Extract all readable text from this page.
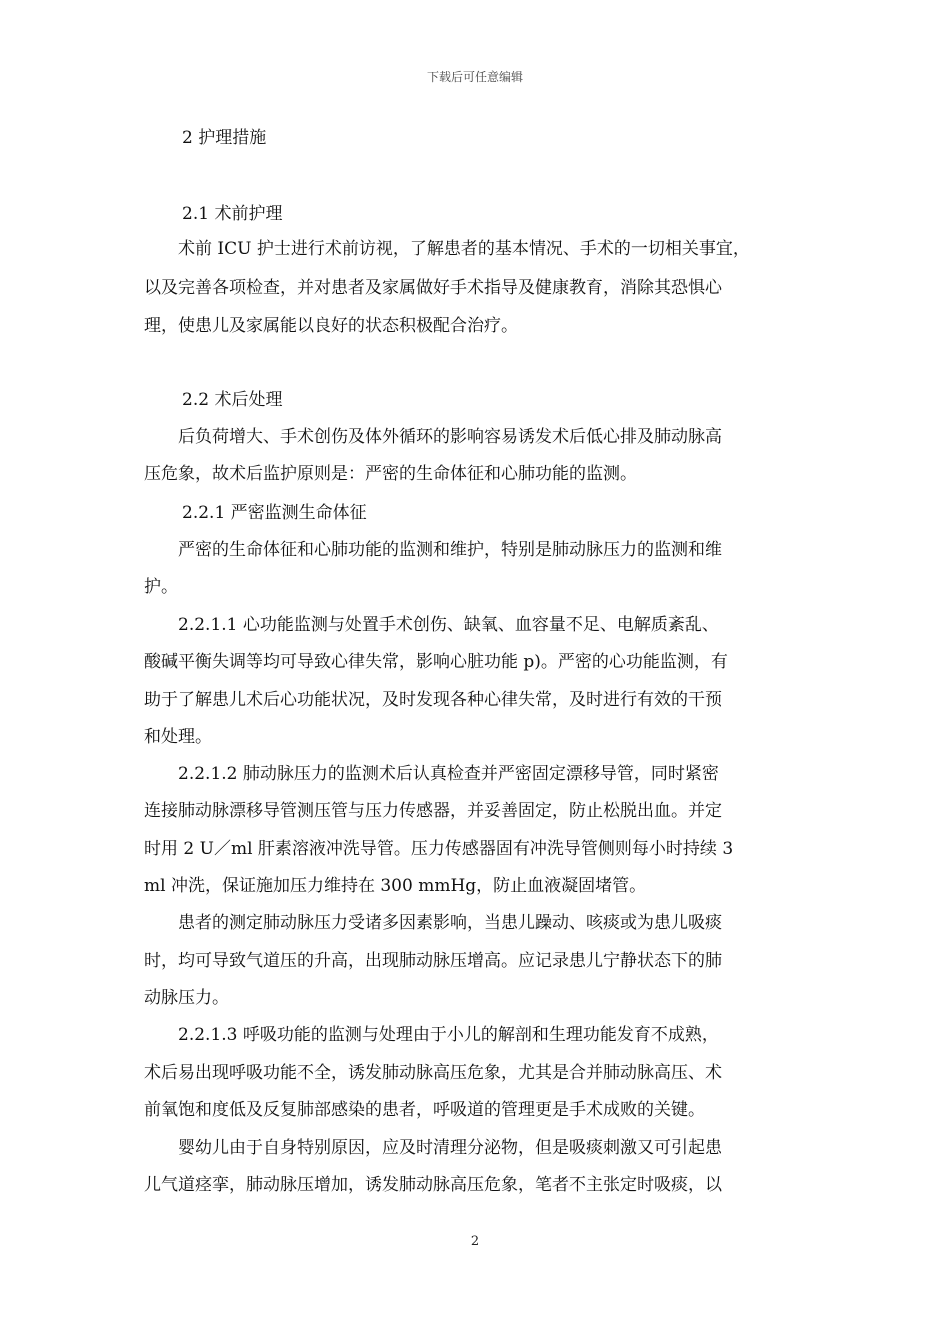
下载后可任意编辑
2 护理措施
2.1 术前护理
　　术前 ICU 护士进行术前访视，了解患者的基本情况、手术的一切相关事宜，
以及完善各项检查，并对患者及家属做好手术指导及健康教育，消除其恐惧心
理，使患儿及家属能以良好的状态积极配合治疗。
2.2 术后处理
　　后负荷增大、手术创伤及体外循环的影响容易诱发术后低心排及肺动脉高
压危象，故术后监护原则是：严密的生命体征和心肺功能的监测。
2.2.1 严密监测生命体征
　　严密的生命体征和心肺功能的监测和维护，特别是肺动脉压力的监测和维
护。
　　2.2.1.1 心功能监测与处置手术创伤、缺氧、血容量不足、电解质紊乱、
酸碱平衡失调等均可导致心律失常，影响心脏功能 p)。严密的心功能监测，有
助于了解患儿术后心功能状况，及时发现各种心律失常，及时进行有效的干预
和处理。
　　2.2.1.2 肺动脉压力的监测术后认真检查并严密固定漂移导管，同时紧密
连接肺动脉漂移导管测压管与压力传感器，并妥善固定，防止松脱出血。并定
时用 2 U／ml 肝素溶液冲洗导管。压力传感器固有冲洗导管侧则每小时持续 3
ml 冲洗，保证施加压力维持在 300 mmHg，防止血液凝固堵管。
　　患者的测定肺动脉压力受诸多因素影响，当患儿躁动、咳痰或为患儿吸痰
时，均可导致气道压的升高，出现肺动脉压增高。应记录患儿宁静状态下的肺
动脉压力。
　　2.2.1.3 呼吸功能的监测与处理由于小儿的解剖和生理功能发育不成熟，
术后易出现呼吸功能不全，诱发肺动脉高压危象，尤其是合并肺动脉高压、术
前氧饱和度低及反复肺部感染的患者，呼吸道的管理更是手术成败的关键。
　　婴幼儿由于自身特别原因，应及时清理分泌物，但是吸痰刺激又可引起患
儿气道痉挛，肺动脉压增加，诱发肺动脉高压危象，笔者不主张定时吸痰，以
2
